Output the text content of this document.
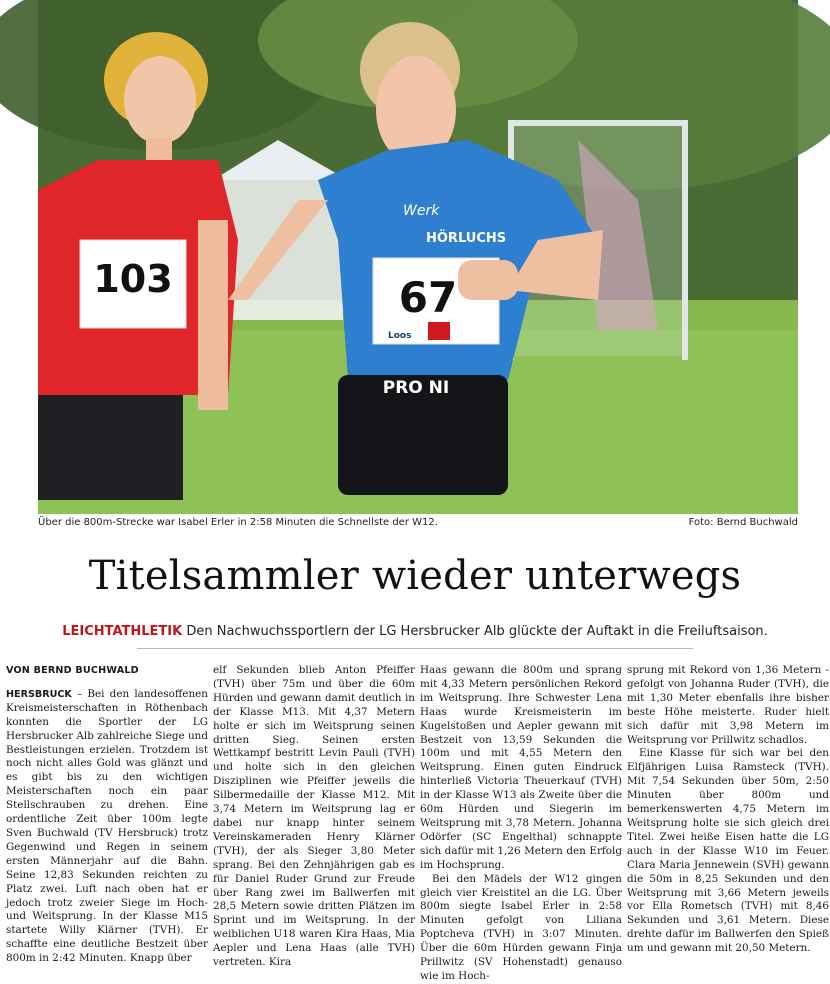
103
PRO NI
Werk
HÖRLUCHS
67
Loos
Über die 800m-Strecke war Isabel Erler in 2:58 Minuten die Schnellste der W12.	Foto: Bernd Buchwald
Titelsammler wieder unterwegs
LEICHTATHLETIK Den Nachwuchssportlern der LG Hersbrucker Alb glückte der Auftakt in die Freiluftsaison.
VON BERND BUCHWALD

HERSBRUCK – Bei den landesoffenen Kreismeisterschaften in Röthenbach konnten die Sportler der LG Hersbrucker Alb zahlreiche Siege und Bestleistungen erzielen. Trotzdem ist noch nicht alles Gold was glänzt und es gibt bis zu den wichtigen Meisterschaften noch ein paar Stellschrauben zu drehen. Eine ordentliche Zeit über 100m legte Sven Buchwald (TV Hersbruck) trotz Gegenwind und Regen in seinem ersten Männerjahr auf die Bahn. Seine 12,83 Sekunden reichten zu Platz zwei. Luft nach oben hat er jedoch trotz zweier Siege im Hoch- und Weitsprung. In der Klasse M15 startete Willy Klärner (TVH). Er schaffte eine deutliche Bestzeit über 800m in 2:42 Minuten. Knapp über

elf Sekunden blieb Anton Pfeiffer (TVH) über 75m und über die 60m Hürden und gewann damit deutlich in der Klasse M13. Mit 4,37 Metern holte er sich im Weitsprung seinen dritten Sieg. Seinen ersten Wettkampf bestritt Levin Pauli (TVH) und holte sich in den gleichen Disziplinen wie Pfeiffer jeweils die Silbermedaille der Klasse M12. Mit 3,74 Metern im Weitsprung lag er dabei nur knapp hinter seinem Vereinskameraden Henry Klärner (TVH), der als Sieger 3,80 Meter sprang. Bei den Zehnjährigen gab es für Daniel Ruder Grund zur Freude über Rang zwei im Ballwerfen mit 28,5 Metern sowie dritten Plätzen im Sprint und im Weitsprung. In der weiblichen U18 waren Kira Haas, Mia Aepler und Lena Haas (alle TVH) vertreten. Kira

Haas gewann die 800m und sprang mit 4,33 Metern persönlichen Rekord im Weitsprung. Ihre Schwester Lena Haas wurde Kreismeisterin im Kugelstoßen und Aepler gewann mit Bestzeit von 13,59 Sekunden die 100m und mit 4,55 Metern den Weitsprung. Einen guten Eindruck hinterließ Victoria Theuerkauf (TVH) in der Klasse W13 als Zweite über die 60m Hürden und Siegerin im Weitsprung mit 3,78 Metern. Johanna Odörfer (SC Engelthal) schnappte sich dafür mit 1,26 Metern den Erfolg im Hochsprung.

Bei den Mädels der W12 gingen gleich vier Kreistitel an die LG. Über 800m siegte Isabel Erler in 2:58 Minuten gefolgt von Liliana Poptcheva (TVH) in 3:07 Minuten. Über die 60m Hürden gewann Finja Prillwitz (SV Hohenstadt) genauso wie im Hoch-

sprung mit Rekord von 1,36 Metern - gefolgt von Johanna Ruder (TVH), die mit 1,30 Meter ebenfalls ihre bisher beste Höhe meisterte. Ruder hielt sich dafür mit 3,98 Metern im Weitsprung vor Prillwitz schadlos.

Eine Klasse für sich war bei den Elfjährigen Luisa Ramsteck (TVH). Mit 7,54 Sekunden über 50m, 2:50 Minuten über 800m und bemerkenswerten 4,75 Metern im Weitsprung holte sie sich gleich drei Titel. Zwei heiße Eisen hatte die LG auch in der Klasse W10 im Feuer. Clara Maria Jennewein (SVH) gewann die 50m in 8,25 Sekunden und den Weitsprung mit 3,66 Metern jeweils vor Ella Rometsch (TVH) mit 8,46 Sekunden und 3,61 Metern. Diese drehte dafür im Ballwerfen den Spieß um und gewann mit 20,50 Metern.
